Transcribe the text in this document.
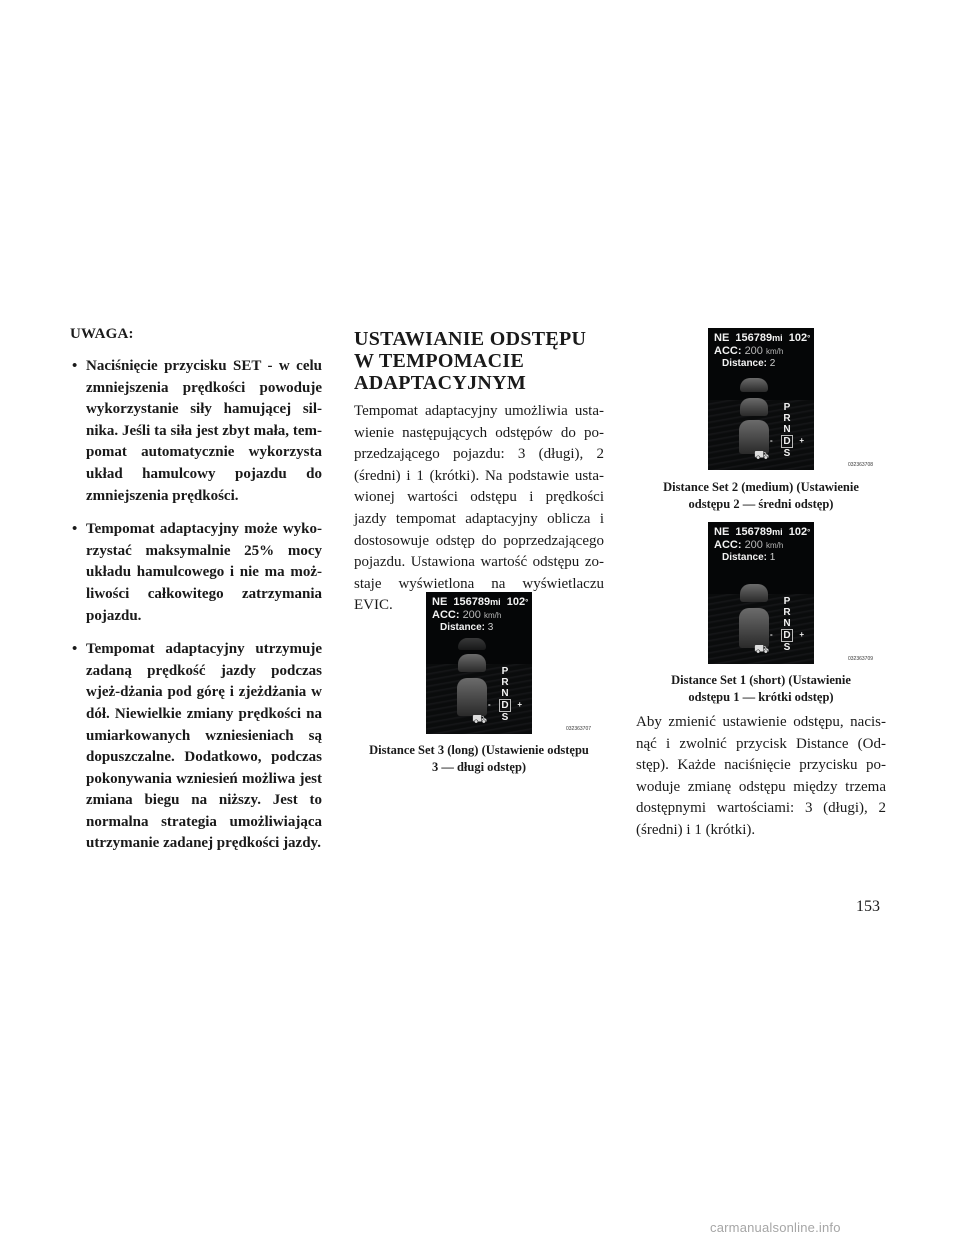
UWAGA:
• Naciśnięcie przycisku SET - w celu zmniejszenia prędkości powoduje wykorzystanie siły hamującej sil-nika. Jeśli ta siła jest zbyt mała, tem-pomat automatycznie wykorzysta układ hamulcowy pojazdu do zmniejszenia prędkości.
• Tempomat adaptacyjny może wyko-rzystać maksymalnie 25% mocy układu hamulcowego i nie ma moż-liwości całkowitego zatrzymania pojazdu.
• Tempomat adaptacyjny utrzymuje zadaną prędkość jazdy podczas wjeż-dżania pod górę i zjeżdżania w dół. Niewielkie zmiany prędkości na umiarkowanych wzniesieniach są dopuszczalne. Dodatkowo, podczas pokonywania wzniesień możliwa jest zmiana biegu na niższy. Jest to normalna strategia umożliwiająca utrzymanie zadanej prędkości jazdy.
USTAWIANIE ODSTĘPU
W TEMPOMACIE
ADAPTACYJNYM

Tempomat adaptacyjny umożliwia usta-wienie następujących odstępów do po-przedzającego pojazdu: 3 (długi), 2 (średni) i 1 (krótki). Na podstawie usta-wionej wartości odstępu i prędkości jazdy tempomat adaptacyjny oblicza i dostosowuje odstęp do poprzedzającego pojazdu. Ustawiona wartość odstępu zo-staje wyświetlona na wyświetlaczu EVIC.	NE 156789mi 102°
ACC: 200 km/h
Distance: 3
P
R
N
D
S
-	+
⛟
032363707
Distance Set 3 (long) (Ustawienie odstępu
3 — długi odstęp)
NE 156789mi 102°
ACC: 200 km/h
Distance: 2
P
R
N
D
S
-	+
⛟
032363708
Distance Set 2 (medium) (Ustawienie
odstępu 2 — średni odstęp)
NE 156789mi 102°
ACC: 200 km/h
Distance: 1
P
R
N
D
S
-	+
⛟
032363709
Distance Set 1 (short) (Ustawienie
odstępu 1 — krótki odstęp)

Aby zmienić ustawienie odstępu, nacis-nąć i zwolnić przycisk Distance (Od-stęp). Każde naciśnięcie przycisku po-woduje zmianę odstępu między trzema dostępnymi wartościami: 3 (długi), 2 (średni) i 1 (krótki).

153
carmanualsonline.info
